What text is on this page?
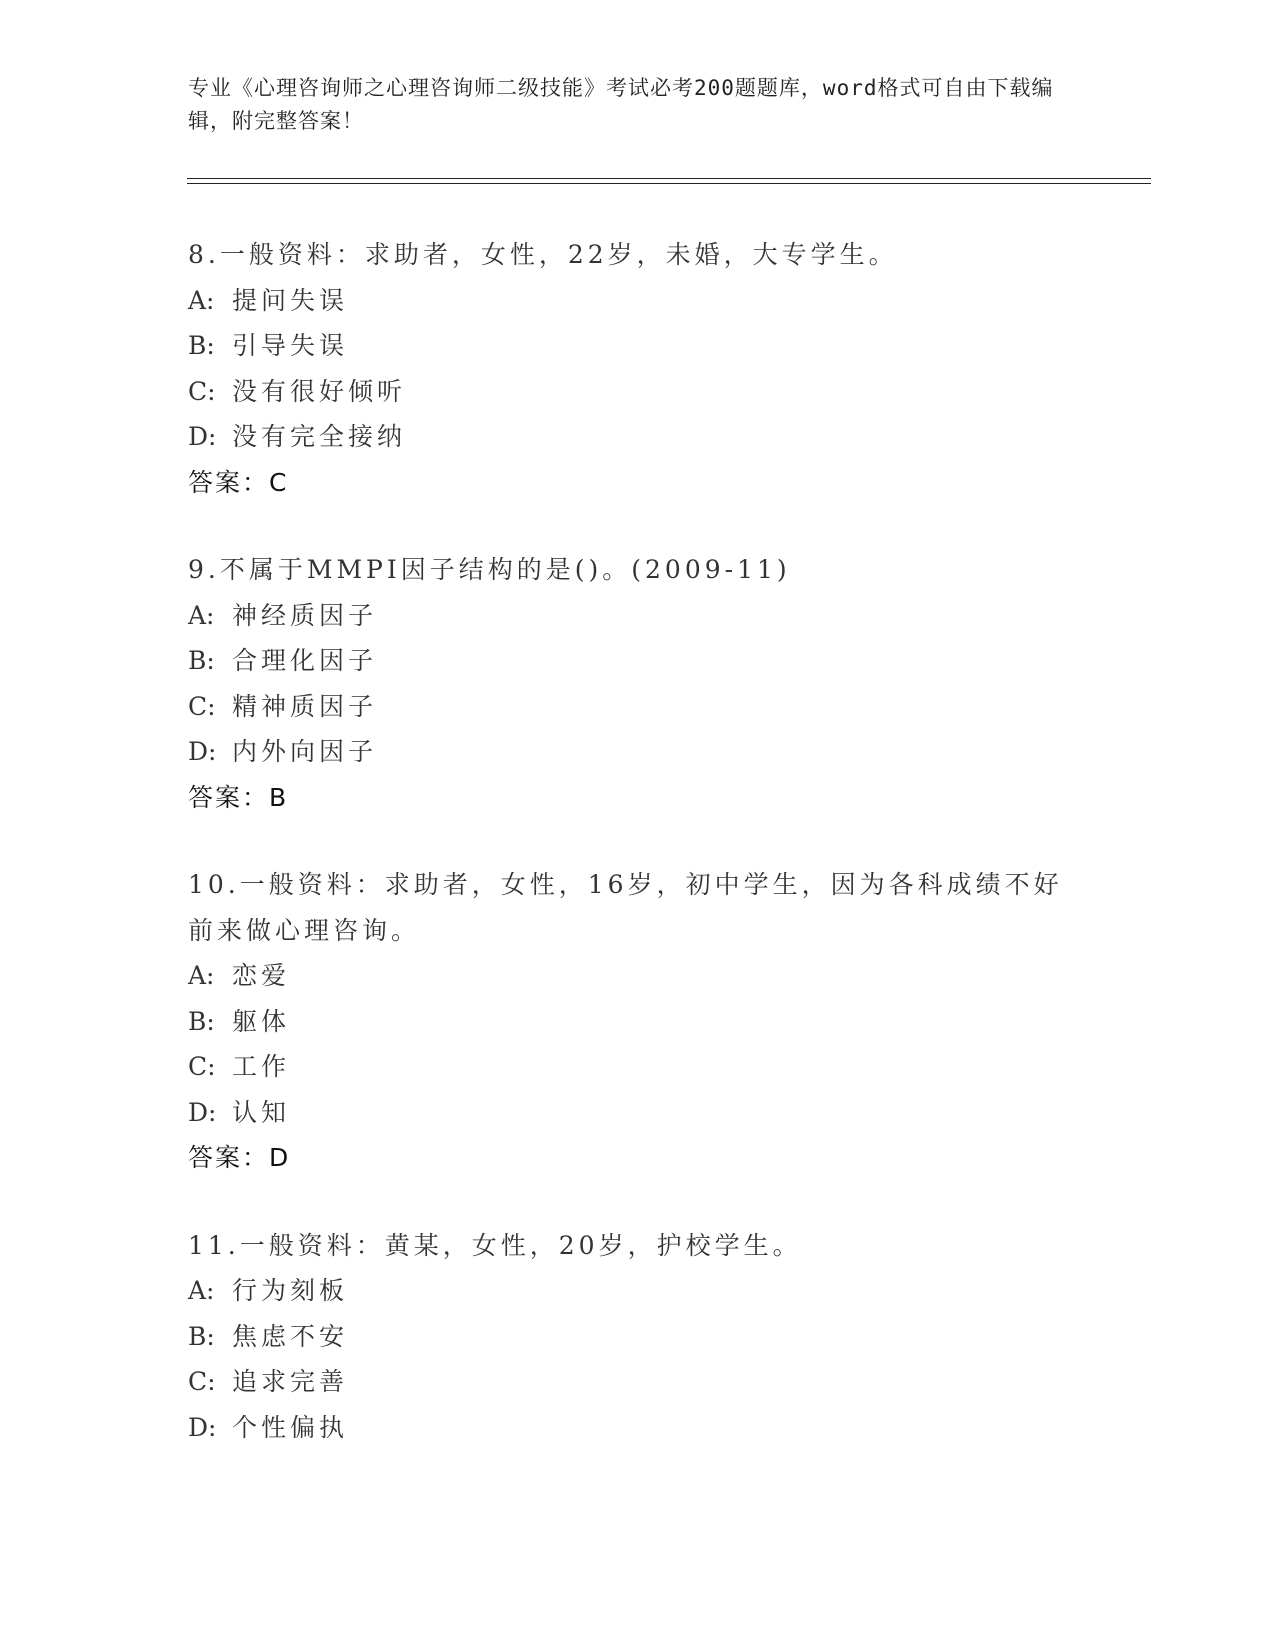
专业《心理咨询师之心理咨询师二级技能》考试必考200题题库，word格式可自由下载编辑，附完整答案！
8.一般资料：求助者，女性，22岁，未婚，大专学生。
A: 提问失误
B: 引导失误
C: 没有很好倾听
D: 没有完全接纳
答案：C
9.不属于MMPI因子结构的是()。(2009-11)
A: 神经质因子
B: 合理化因子
C: 精神质因子
D: 内外向因子
答案：B
10.一般资料：求助者，女性，16岁，初中学生，因为各科成绩不好前来做心理咨询。
A: 恋爱
B: 躯体
C: 工作
D: 认知
答案：D
11.一般资料：黄某，女性，20岁，护校学生。
A: 行为刻板
B: 焦虑不安
C: 追求完善
D: 个性偏执
